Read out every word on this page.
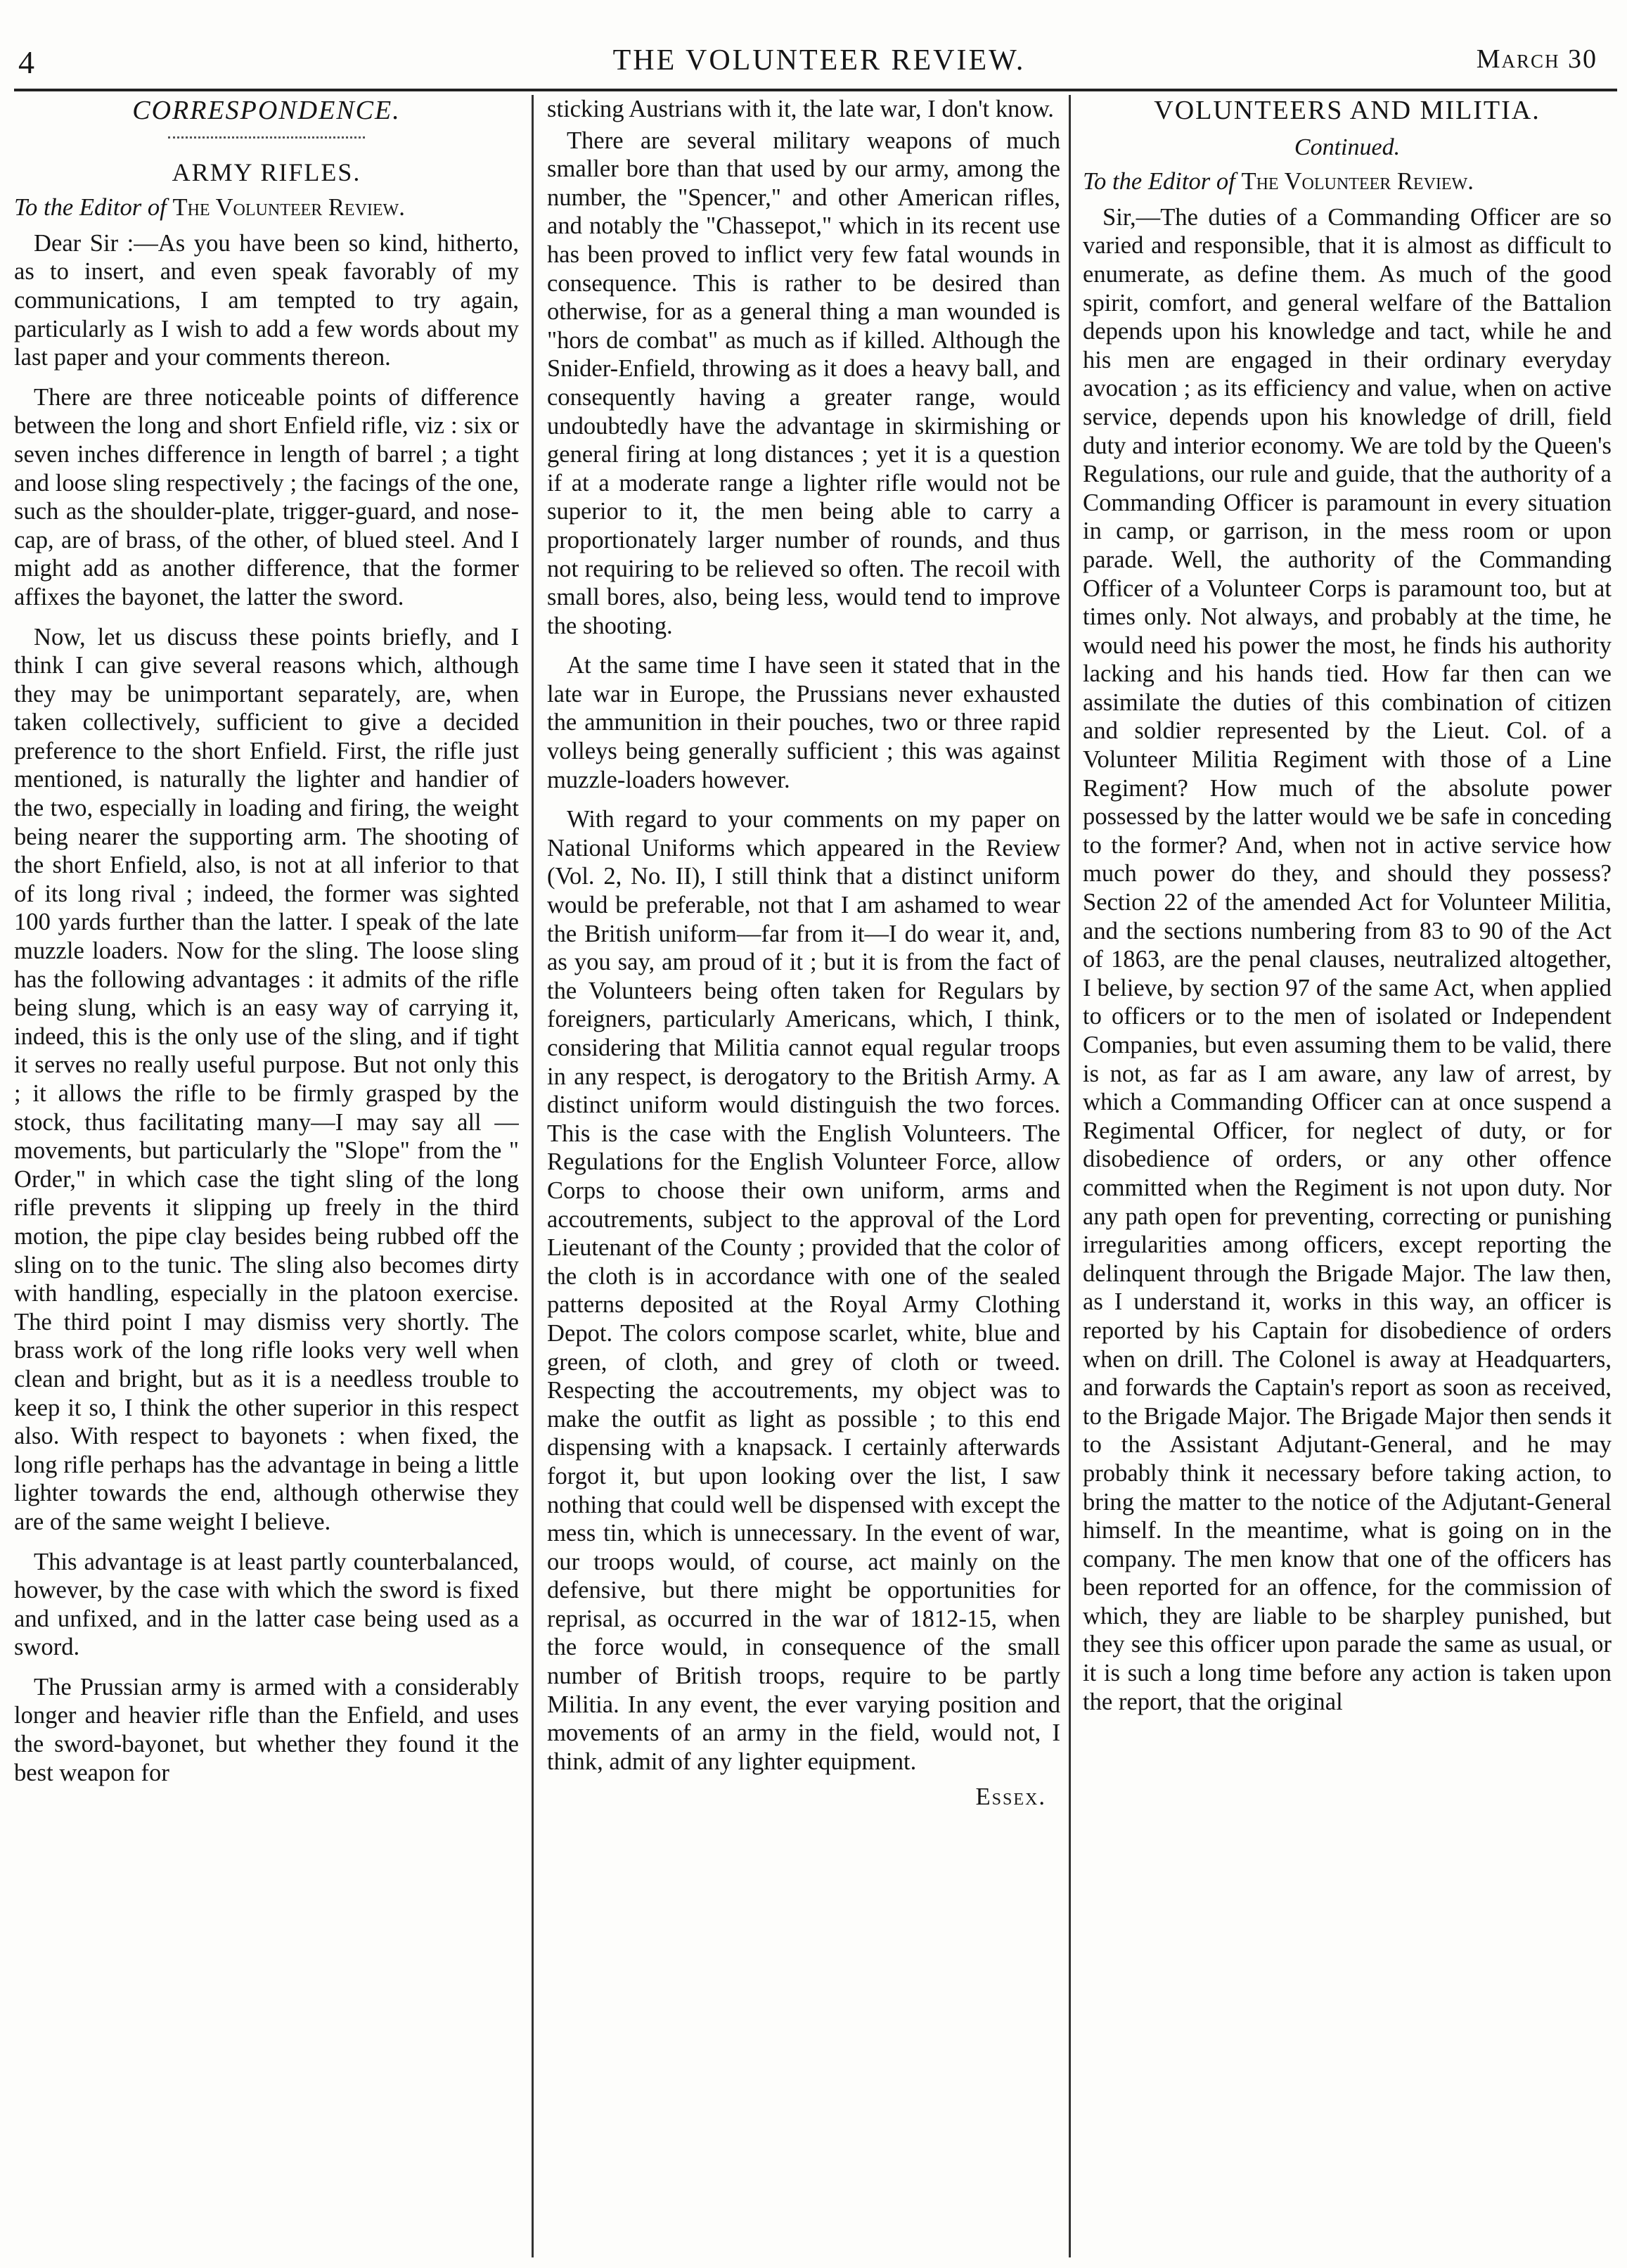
4	THE VOLUNTEER REVIEW.	March 30
CORRESPONDENCE.
ARMY RIFLES.
To the Editor of The Volunteer Review.

Dear Sir :—As you have been so kind, hitherto, as to insert, and even speak favorably of my communications, I am tempted to try again, particularly as I wish to add a few words about my last paper and your comments thereon.

There are three noticeable points of difference between the long and short Enfield rifle, viz : six or seven inches difference in length of barrel ; a tight and loose sling respectively ; the facings of the one, such as the shoulder-plate, trigger-guard, and nose-cap, are of brass, of the other, of blued steel. And I might add as another difference, that the former affixes the bayonet, the latter the sword.

Now, let us discuss these points briefly, and I think I can give several reasons which, although they may be unimportant separately, are, when taken collectively, sufficient to give a decided preference to the short Enfield. First, the rifle just mentioned, is naturally the lighter and handier of the two, especially in loading and firing, the weight being nearer the supporting arm. The shooting of the short Enfield, also, is not at all inferior to that of its long rival ; indeed, the former was sighted 100 yards further than the latter. I speak of the late muzzle loaders. Now for the sling. The loose sling has the following advantages : it admits of the rifle being slung, which is an easy way of carrying it, indeed, this is the only use of the sling, and if tight it serves no really useful purpose. But not only this ; it allows the rifle to be firmly grasped by the stock, thus facilitating many—I may say all — movements, but particularly the "Slope" from the " Order," in which case the tight sling of the long rifle prevents it slipping up freely in the third motion, the pipe clay besides being rubbed off the sling on to the tunic. The sling also becomes dirty with handling, especially in the platoon exercise. The third point I may dismiss very shortly. The brass work of the long rifle looks very well when clean and bright, but as it is a needless trouble to keep it so, I think the other superior in this respect also. With respect to bayonets : when fixed, the long rifle perhaps has the advantage in being a little lighter towards the end, although otherwise they are of the same weight I believe.

This advantage is at least partly counterbalanced, however, by the case with which the sword is fixed and unfixed, and in the latter case being used as a sword.

The Prussian army is armed with a considerably longer and heavier rifle than the Enfield, and uses the sword-bayonet, but whether they found it the best weapon for

sticking Austrians with it, the late war, I don't know.

There are several military weapons of much smaller bore than that used by our army, among the number, the "Spencer," and other American rifles, and notably the "Chassepot," which in its recent use has been proved to inflict very few fatal wounds in consequence. This is rather to be desired than otherwise, for as a general thing a man wounded is "hors de combat" as much as if killed. Although the Snider-Enfield, throwing as it does a heavy ball, and consequently having a greater range, would undoubtedly have the advantage in skirmishing or general firing at long distances ; yet it is a question if at a moderate range a lighter rifle would not be superior to it, the men being able to carry a proportionately larger number of rounds, and thus not requiring to be relieved so often. The recoil with small bores, also, being less, would tend to improve the shooting.

At the same time I have seen it stated that in the late war in Europe, the Prussians never exhausted the ammunition in their pouches, two or three rapid volleys being generally sufficient ; this was against muzzle-loaders however.

With regard to your comments on my paper on National Uniforms which appeared in the Review (Vol. 2, No. II), I still think that a distinct uniform would be preferable, not that I am ashamed to wear the British uniform—far from it—I do wear it, and, as you say, am proud of it ; but it is from the fact of the Volunteers being often taken for Regulars by foreigners, particularly Americans, which, I think, considering that Militia cannot equal regular troops in any respect, is derogatory to the British Army. A distinct uniform would distinguish the two forces. This is the case with the English Volunteers. The Regulations for the English Volunteer Force, allow Corps to choose their own uniform, arms and accoutrements, subject to the approval of the Lord Lieutenant of the County ; provided that the color of the cloth is in accordance with one of the sealed patterns deposited at the Royal Army Clothing Depot. The colors compose scarlet, white, blue and green, of cloth, and grey of cloth or tweed. Respecting the accoutrements, my object was to make the outfit as light as possible ; to this end dispensing with a knapsack. I certainly afterwards forgot it, but upon looking over the list, I saw nothing that could well be dispensed with except the mess tin, which is unnecessary. In the event of war, our troops would, of course, act mainly on the defensive, but there might be opportunities for reprisal, as occurred in the war of 1812-15, when the force would, in consequence of the small number of British troops, require to be partly Militia. In any event, the ever varying position and movements of an army in the field, would not, I think, admit of any lighter equipment.

Essex.
VOLUNTEERS AND MILITIA.
Continued.
To the Editor of The Volunteer Review.

Sir,—The duties of a Commanding Officer are so varied and responsible, that it is almost as difficult to enumerate, as define them. As much of the good spirit, comfort, and general welfare of the Battalion depends upon his knowledge and tact, while he and his men are engaged in their ordinary everyday avocation ; as its efficiency and value, when on active service, depends upon his knowledge of drill, field duty and interior economy. We are told by the Queen's Regulations, our rule and guide, that the authority of a Commanding Officer is paramount in every situation in camp, or garrison, in the mess room or upon parade. Well, the authority of the Commanding Officer of a Volunteer Corps is paramount too, but at times only. Not always, and probably at the time, he would need his power the most, he finds his authority lacking and his hands tied. How far then can we assimilate the duties of this combination of citizen and soldier represented by the Lieut. Col. of a Volunteer Militia Regiment with those of a Line Regiment? How much of the absolute power possessed by the latter would we be safe in conceding to the former? And, when not in active service how much power do they, and should they possess? Section 22 of the amended Act for Volunteer Militia, and the sections numbering from 83 to 90 of the Act of 1863, are the penal clauses, neutralized altogether, I believe, by section 97 of the same Act, when applied to officers or to the men of isolated or Independent Companies, but even assuming them to be valid, there is not, as far as I am aware, any law of arrest, by which a Commanding Officer can at once suspend a Regimental Officer, for neglect of duty, or for disobedience of orders, or any other offence committed when the Regiment is not upon duty. Nor any path open for preventing, correcting or punishing irregularities among officers, except reporting the delinquent through the Brigade Major. The law then, as I understand it, works in this way, an officer is reported by his Captain for disobedience of orders when on drill. The Colonel is away at Headquarters, and forwards the Captain's report as soon as received, to the Brigade Major. The Brigade Major then sends it to the Assistant Adjutant-General, and he may probably think it necessary before taking action, to bring the matter to the notice of the Adjutant-General himself. In the meantime, what is going on in the company. The men know that one of the officers has been reported for an offence, for the commission of which, they are liable to be sharpley punished, but they see this officer upon parade the same as usual, or it is such a long time before any action is taken upon the report, that the original
